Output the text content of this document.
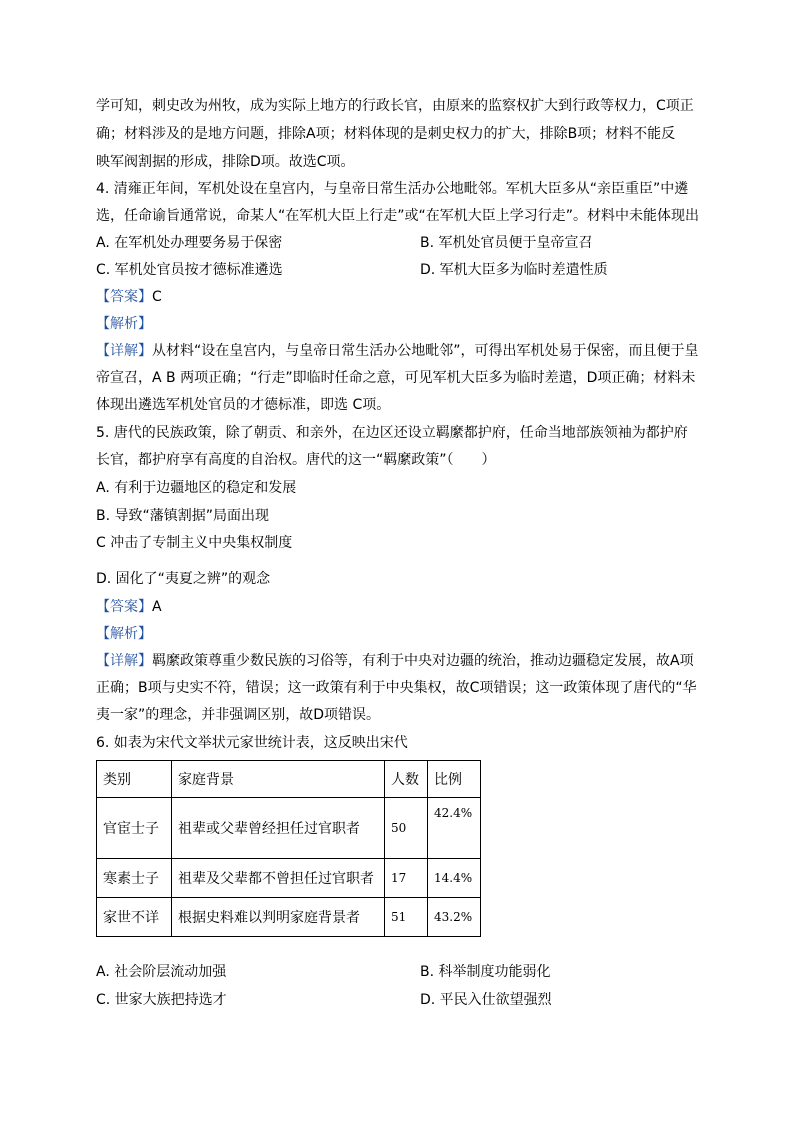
学可知，刺史改为州牧，成为实际上地方的行政长官，由原来的监察权扩大到行政等权力，C项正
确；材料涉及的是地方问题，排除A项；材料体现的是刺史权力的扩大，排除B项；材料不能反
映军阀割据的形成，排除D项。故选C项。
4. 清雍正年间，军机处设在皇宫内，与皇帝日常生活办公地毗邻。军机大臣多从“亲臣重臣”中遴
选，任命谕旨通常说，命某人“在军机大臣上行走”或“在军机大臣上学习行走”。材料中未能体现出
A. 在军机处办理要务易于保密	B. 军机处官员便于皇帝宣召
C. 军机处官员按才德标准遴选	D. 军机大臣多为临时差遣性质
【答案】C
【解析】
【详解】从材料“设在皇宫内，与皇帝日常生活办公地毗邻”，可得出军机处易于保密，而且便于皇
帝宣召，A B 两项正确；“行走”即临时任命之意，可见军机大臣多为临时差遣，D项正确；材料未
体现出遴选军机处官员的才德标准，即选 C项。
5. 唐代的民族政策，除了朝贡、和亲外，在边区还设立羁縻都护府，任命当地部族领袖为都护府
长官，都护府享有高度的自治权。唐代的这一“羁縻政策”（　　）
A. 有利于边疆地区的稳定和发展
B. 导致“藩镇割据”局面出现
C 冲击了专制主义中央集权制度
D. 固化了“夷夏之辨”的观念
【答案】A
【解析】
【详解】羁縻政策尊重少数民族的习俗等，有利于中央对边疆的统治，推动边疆稳定发展，故A项
正确；B项与史实不符，错误；这一政策有利于中央集权，故C项错误；这一政策体现了唐代的“华
夷一家”的理念，并非强调区别，故D项错误。
6. 如表为宋代文举状元家世统计表，这反映出宋代
类别	家庭背景	人数	比例
官宦士子	祖辈或父辈曾经担任过官职者	50	42.4%
寒素士子	祖辈及父辈都不曾担任过官职者	17	14.4%
家世不详	根据史料难以判明家庭背景者	51	43.2%
A. 社会阶层流动加强	B. 科举制度功能弱化
C. 世家大族把持选才	D. 平民入仕欲望强烈
